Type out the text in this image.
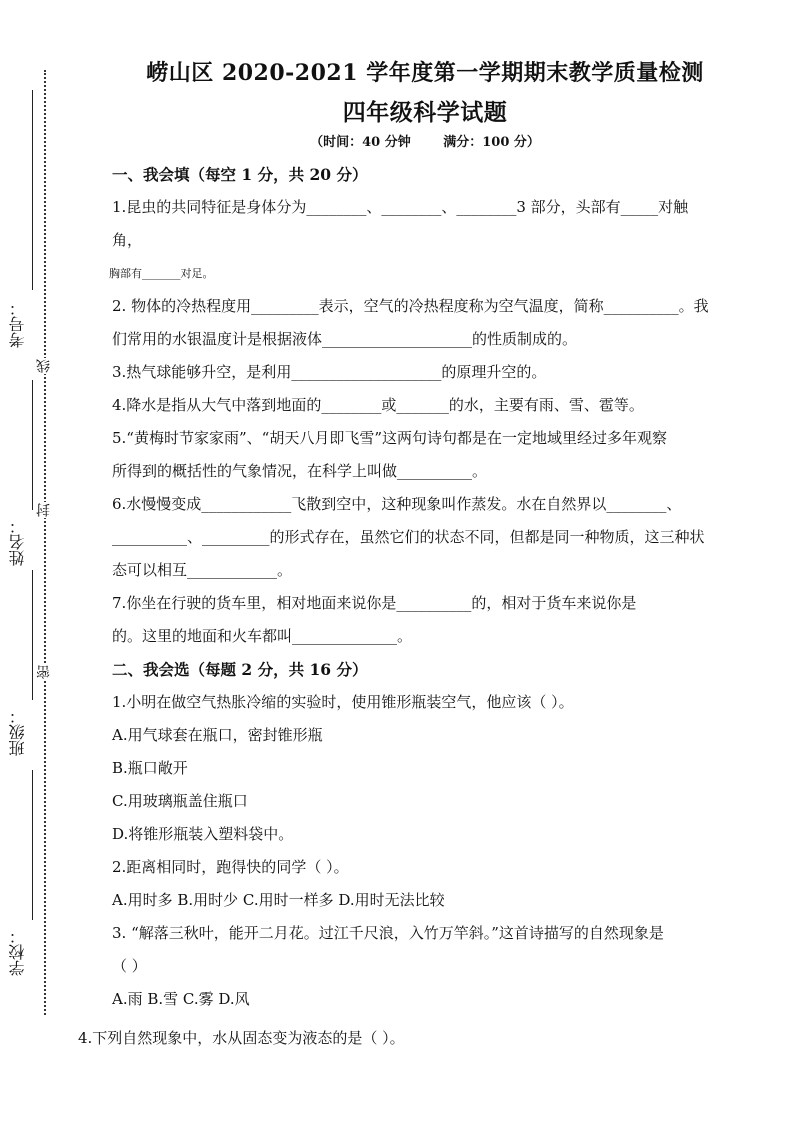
考号：
姓名：
班级：
学校：
线
封
密
崂山区 2020-2021 学年度第一学期期末教学质量检测
四年级科学试题
（时间：40 分钟	满分：100 分）
一、我会填（每空 1 分，共 20 分）
1.昆虫的共同特征是身体分为________、________、________3 部分，头部有_____对触
角，
胸部有_______对足。
2. 物体的冷热程度用_________表示，空气的冷热程度称为空气温度，简称__________。我
们常用的水银温度计是根据液体____________________的性质制成的。
3.热气球能够升空，是利用____________________的原理升空的。
4.降水是指从大气中落到地面的________或_______的水，主要有雨、雪、雹等。
5.“黄梅时节家家雨”、“胡天八月即飞雪”这两句诗句都是在一定地域里经过多年观察
所得到的概括性的气象情况，在科学上叫做__________。
6.水慢慢变成____________飞散到空中，这种现象叫作蒸发。水在自然界以________、
__________、_________的形式存在，虽然它们的状态不同，但都是同一种物质，这三种状
态可以相互____________。
7.你坐在行驶的货车里，相对地面来说你是__________的，相对于货车来说你是
的。这里的地面和火车都叫______________。
二、我会选（每题 2 分，共 16 分）
1.小明在做空气热胀冷缩的实验时，使用锥形瓶装空气，他应该（ ）。
A.用气球套在瓶口，密封锥形瓶
B.瓶口敞开
C.用玻璃瓶盖住瓶口
D.将锥形瓶装入塑料袋中。
2.距离相同时，跑得快的同学（ ）。
A.用时多 B.用时少 C.用时一样多 D.用时无法比较
3. “解落三秋叶，能开二月花。过江千尺浪，入竹万竿斜。”这首诗描写的自然现象是
（ ）
A.雨 B.雪 C.雾 D.风
4.下列自然现象中，水从固态变为液态的是（ ）。
